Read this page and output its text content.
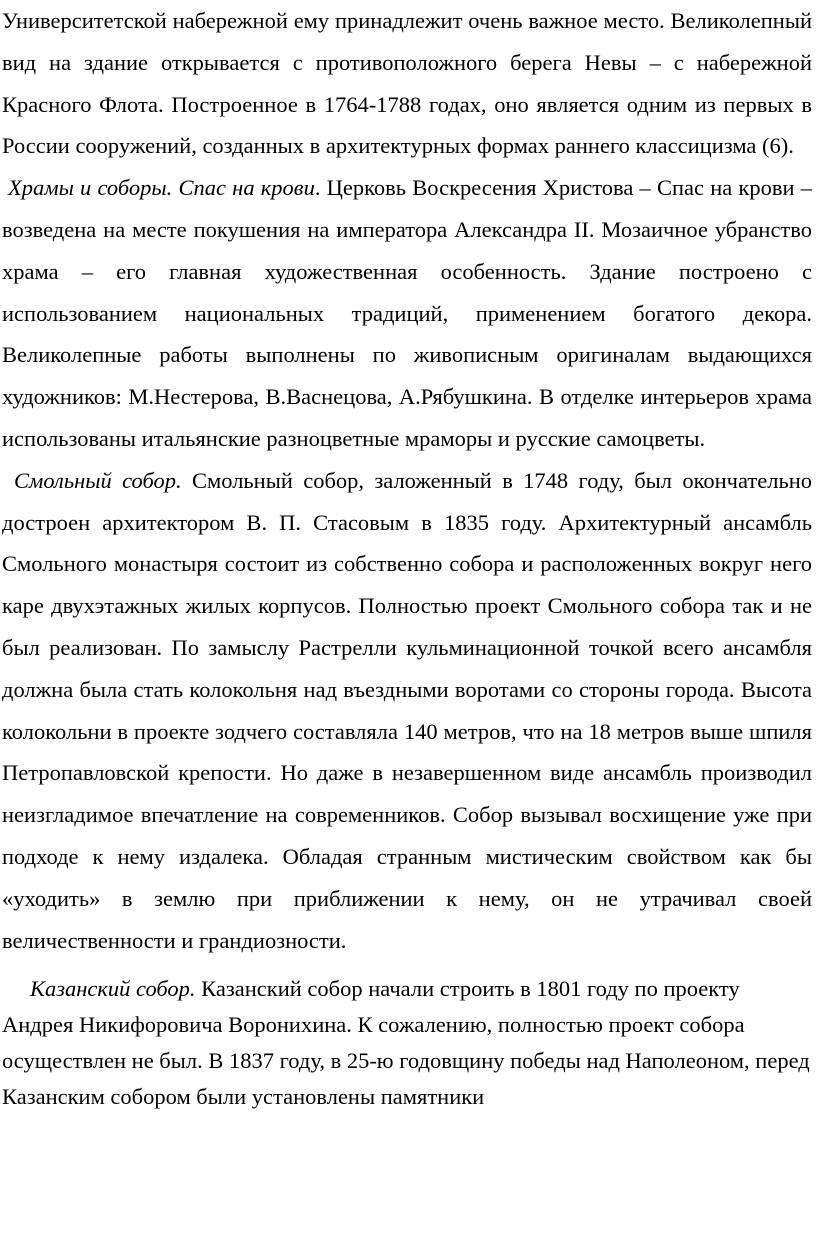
Университетской набережной ему принадлежит очень важное место. Великолепный вид на здание открывается с противоположного берега Невы – с набережной Красного Флота. Построенное в 1764-1788 годах, оно является одним из первых в России сооружений, созданных в архитектурных формах раннего классицизма (6).

Храмы и соборы. Спас на крови. Церковь Воскресения Христова – Спас на крови – возведена на месте покушения на императора Александра II. Мозаичное убранство храма – его главная художественная особенность. Здание построено с использованием национальных традиций, применением богатого декора. Великолепные работы выполнены по живописным оригиналам выдающихся художников: М.Нестерова, В.Васнецова, А.Рябушкина. В отделке интерьеров храма использованы итальянские разноцветные мраморы и русские самоцветы.

Смольный собор. Смольный собор, заложенный в 1748 году, был окончательно достроен архитектором В. П. Стасовым в 1835 году. Архитектурный ансамбль Смольного монастыря состоит из собственно собора и расположенных вокруг него каре двухэтажных жилых корпусов. Полностью проект Смольного собора так и не был реализован. По замыслу Растрелли кульминационной точкой всего ансамбля должна была стать колокольня над въездными воротами со стороны города. Высота колокольни в проекте зодчего составляла 140 метров, что на 18 метров выше шпиля Петропавловской крепости. Но даже в незавершенном виде ансамбль производил неизгладимое впечатление на современников. Собор вызывал восхищение уже при подходе к нему издалека. Обладая странным мистическим свойством как бы «уходить» в землю при приближении к нему, он не утрачивал своей величественности и грандиозности.

Казанский собор. Казанский собор начали строить в 1801 году по проекту Андрея Никифоровича Воронихина. К сожалению, полностью проект собора осуществлен не был. В 1837 году, в 25-ю годовщину победы над Наполеоном, перед Казанским собором были установлены памятники
